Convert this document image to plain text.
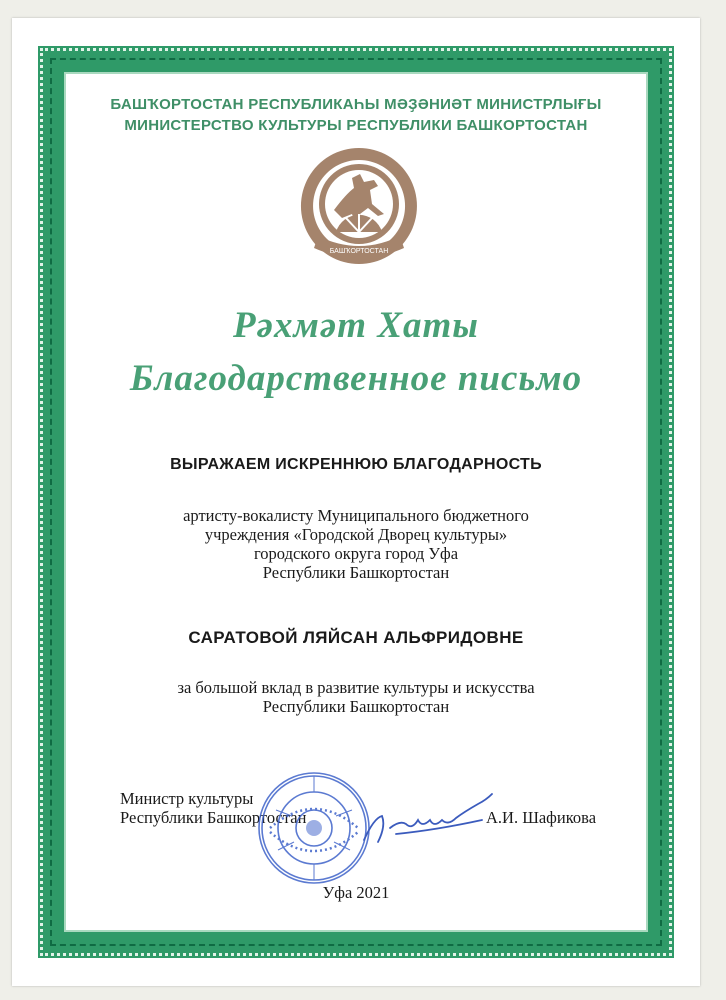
БАШҠОРТОСТАН РЕСПУБЛИКАҺЫ МӘҘӘНИӘТ МИНИСТРЛЫҒЫ
МИНИСТЕРСТВО КУЛЬТУРЫ РЕСПУБЛИКИ БАШКОРТОСТАН
БАШҠОРТОСТАН
Рәхмәт Хаты
Благодарственное письмо
ВЫРАЖАЕМ ИСКРЕННЮЮ БЛАГОДАРНОСТЬ
артисту-вокалисту Муниципального бюджетного
учреждения «Городской Дворец культуры»
городского округа город Уфа
Республики Башкортостан
САРАТОВОЙ ЛЯЙСАН АЛЬФРИДОВНЕ
за большой вклад в развитие культуры и искусства
Республики Башкортостан
Министр культуры
Республики Башкортостан	А.И. Шафикова
Уфа 2021
